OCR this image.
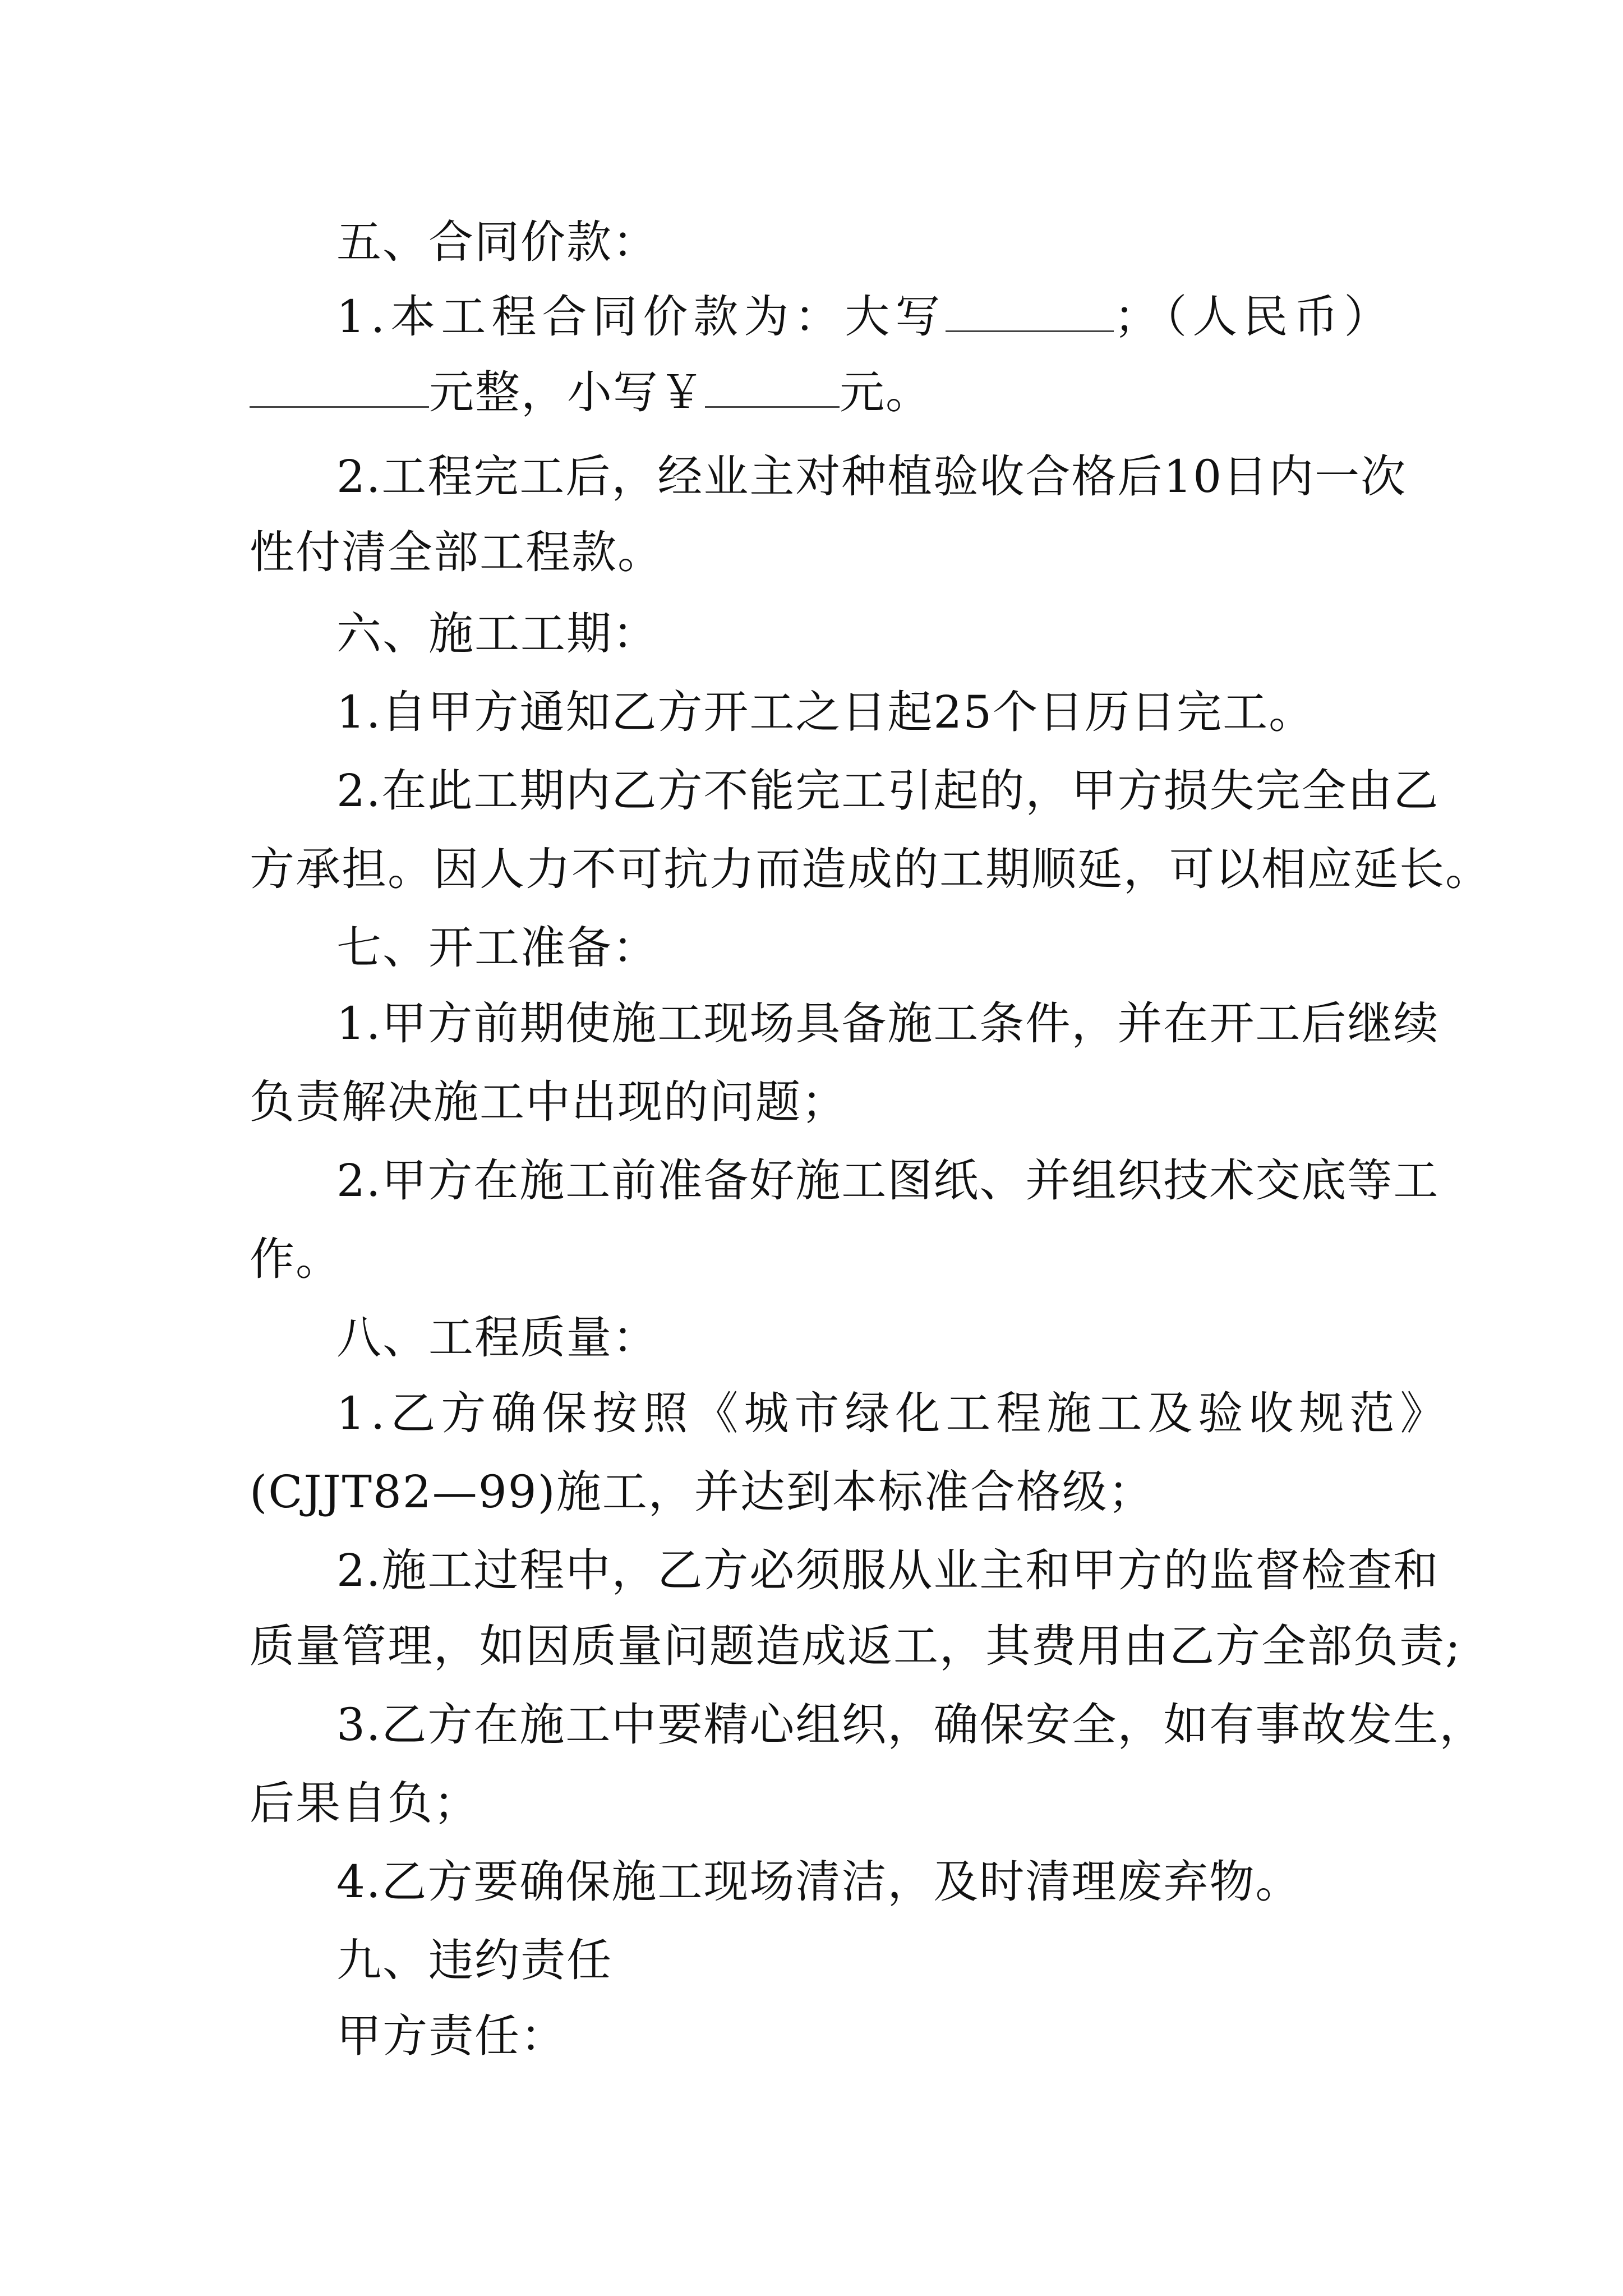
五、合同价款：
1.本工程合同价款为：大写	；（人民币）
元整，小写￥	元。
2.工程完工后，经业主对种植验收合格后10日内一次
性付清全部工程款。
六、施工工期：
1.自甲方通知乙方开工之日起25个日历日完工。
2.在此工期内乙方不能完工引起的，甲方损失完全由乙
方承担。因人力不可抗力而造成的工期顺延，可以相应延长。
七、开工准备：
1.甲方前期使施工现场具备施工条件，并在开工后继续
负责解决施工中出现的问题；
2.甲方在施工前准备好施工图纸、并组织技术交底等工
作。
八、工程质量：
1.乙方确保按照《城市绿化工程施工及验收规范》
(CJJT82—99)施工，并达到本标准合格级；
2.施工过程中，乙方必须服从业主和甲方的监督检查和
质量管理，如因质量问题造成返工，其费用由乙方全部负责;
3.乙方在施工中要精心组织，确保安全，如有事故发生，
后果自负；
4.乙方要确保施工现场清洁，及时清理废弃物。
九、违约责任
甲方责任：
